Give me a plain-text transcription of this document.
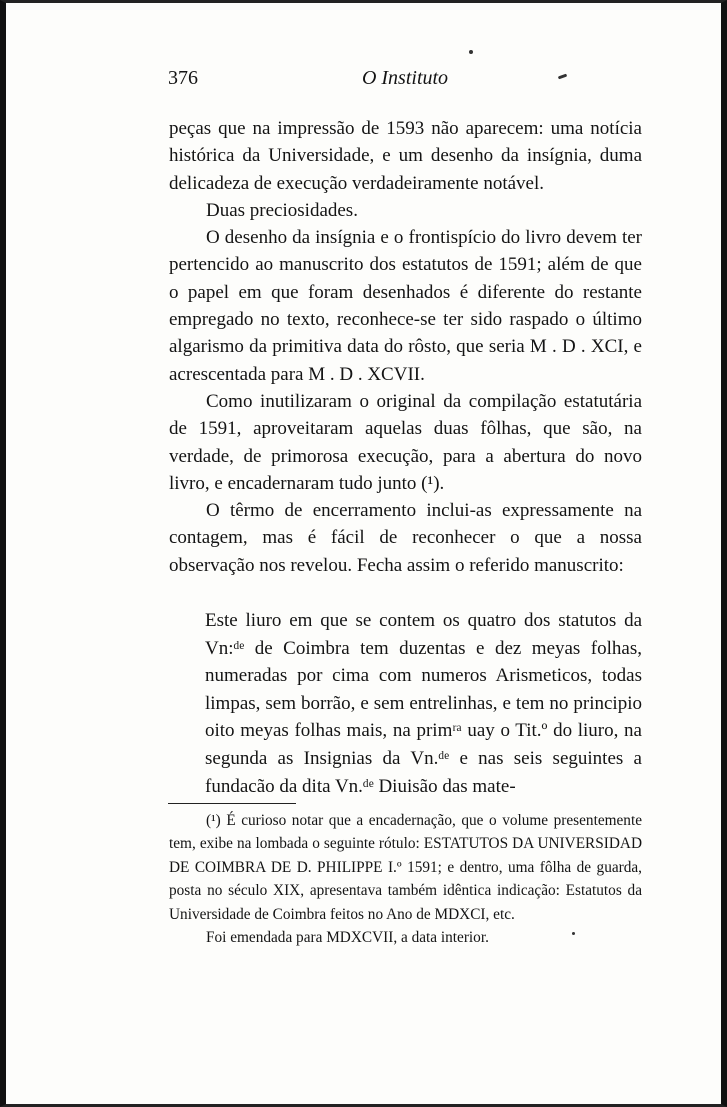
376	O Instituto

peças que na impressão de 1593 não aparecem: uma notícia histórica da Universidade, e um desenho da insígnia, duma delicadeza de execução verdadeiramente notável.

Duas preciosidades.

O desenho da insígnia e o frontispício do livro devem ter pertencido ao manuscrito dos estatutos de 1591; além de que o papel em que foram desenhados é diferente do restante empregado no texto, reconhece-se ter sido raspado o último algarismo da primitiva data do rôsto, que seria M . D . XCI, e acrescentada para M . D . XCVII.

Como inutilizaram o original da compilação estatutária de 1591, aproveitaram aquelas duas fôlhas, que são, na verdade, de primorosa execução, para a abertura do novo livro, e encadernaram tudo junto (¹).

O têrmo de encerramento inclui-as expressamente na contagem, mas é fácil de reconhecer o que a nossa observação nos revelou. Fecha assim o referido manuscrito:

Este liuro em que se contem os quatro dos statutos da Vn:ᵈᵉ de Coimbra tem duzentas e dez meyas folhas, numeradas por cima com numeros Arismeticos, todas limpas, sem borrão, e sem entrelinhas, e tem no principio oito meyas folhas mais, na primʳᵃ uay o Tit.º do liuro, na segunda as Insignias da Vn.ᵈᵉ e nas seis seguintes a fundacão da dita Vn.ᵈᵉ Diuisão das mate-

(¹) É curioso notar que a encadernação, que o volume presentemente tem, exibe na lombada o seguinte rótulo: ESTATUTOS DA UNIVERSIDAD DE COIMBRA DE D. PHILIPPE I.º 1591; e dentro, uma fôlha de guarda, posta no século XIX, apresentava também idêntica indicação: Estatutos da Universidade de Coimbra feitos no Ano de MDXCI, etc.

Foi emendada para MDXCVII, a data interior.
